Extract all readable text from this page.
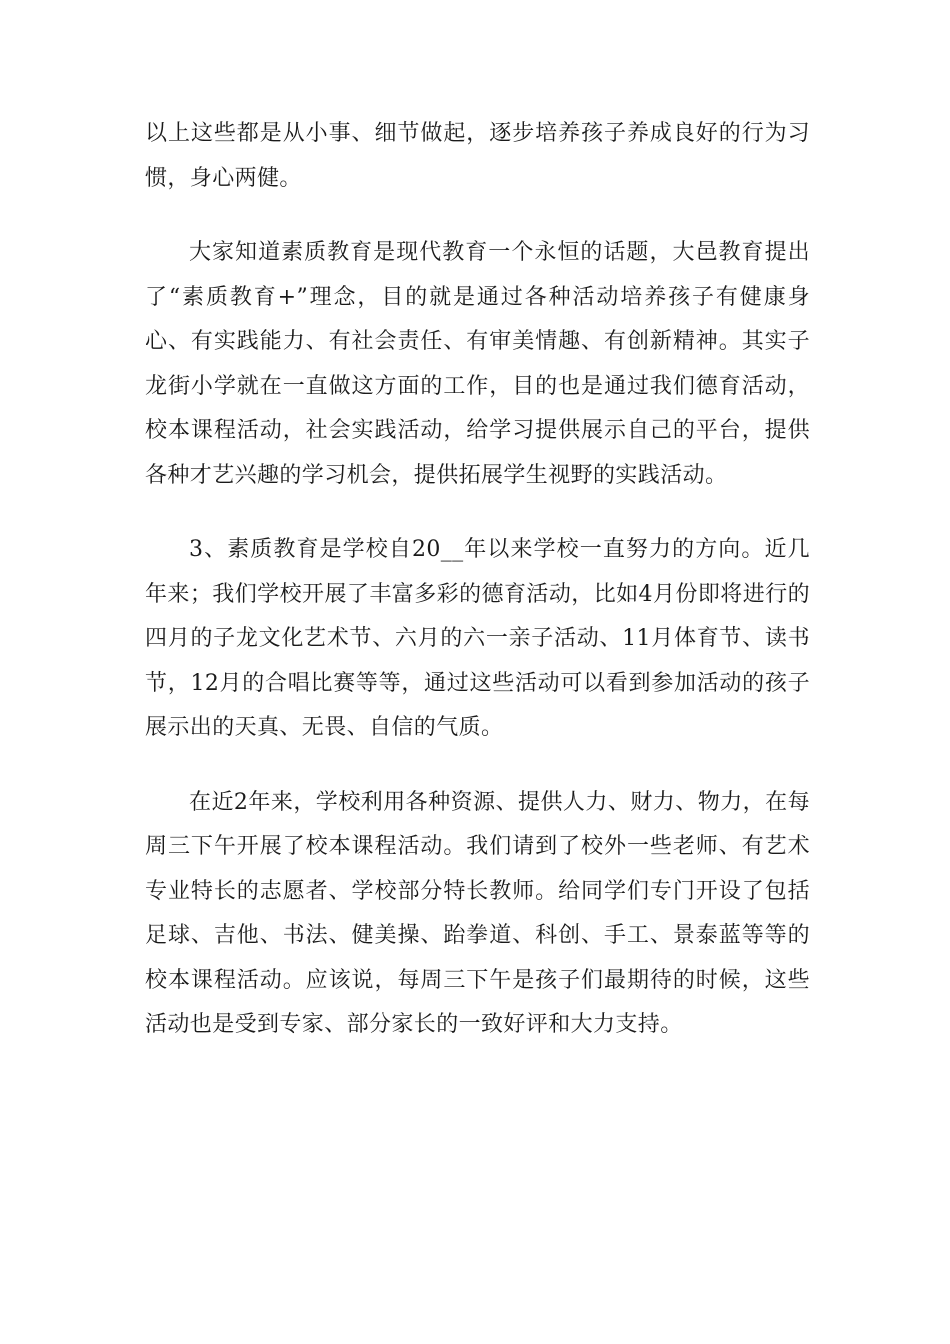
以上这些都是从小事、细节做起，逐步培养孩子养成良好的行为习惯，身心两健。

大家知道素质教育是现代教育一个永恒的话题，大邑教育提出了“素质教育+”理念，目的就是通过各种活动培养孩子有健康身心、有实践能力、有社会责任、有审美情趣、有创新精神。其实子龙街小学就在一直做这方面的工作，目的也是通过我们德育活动，校本课程活动，社会实践活动，给学习提供展示自己的平台，提供各种才艺兴趣的学习机会，提供拓展学生视野的实践活动。

3、素质教育是学校自20__年以来学校一直努力的方向。近几年来；我们学校开展了丰富多彩的德育活动，比如4月份即将进行的四月的子龙文化艺术节、六月的六一亲子活动、11月体育节、读书节，12月的合唱比赛等等，通过这些活动可以看到参加活动的孩子展示出的天真、无畏、自信的气质。

在近2年来，学校利用各种资源、提供人力、财力、物力，在每周三下午开展了校本课程活动。我们请到了校外一些老师、有艺术专业特长的志愿者、学校部分特长教师。给同学们专门开设了包括足球、吉他、书法、健美操、跆拳道、科创、手工、景泰蓝等等的校本课程活动。应该说，每周三下午是孩子们最期待的时候，这些活动也是受到专家、部分家长的一致好评和大力支持。
